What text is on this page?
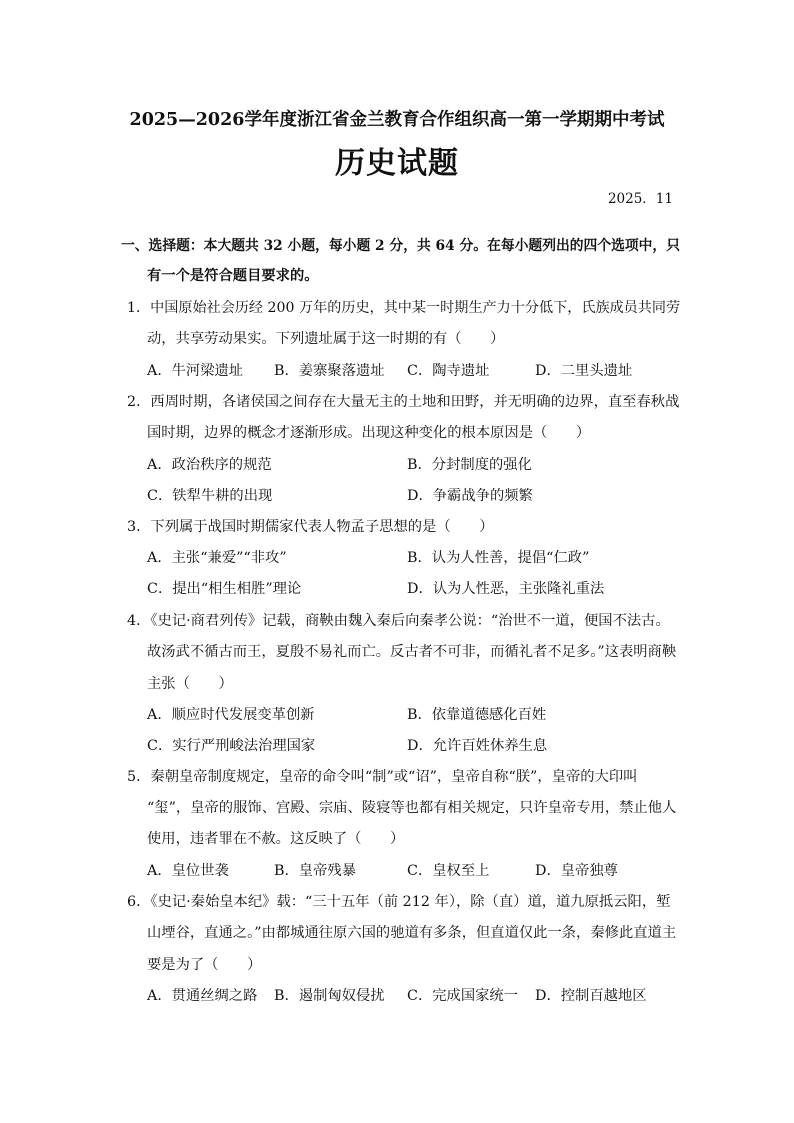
2025—2026学年度浙江省金兰教育合作组织高一第一学期期中考试
历史试题
2025．11
一、选择题：本大题共 32 小题，每小题 2 分，共 64 分。在每小题列出的四个选项中，只
有一个是符合题目要求的。
1．中国原始社会历经 200 万年的历史，其中某一时期生产力十分低下，氏族成员共同劳
动，共享劳动果实。下列遗址属于这一时期的有（　　）
A．牛河梁遗址 B．姜寨聚落遗址 C．陶寺遗址	D．二里头遗址
2．西周时期，各诸侯国之间存在大量无主的土地和田野，并无明确的边界，直至春秋战
国时期，边界的概念才逐渐形成。出现这种变化的根本原因是（　　）
A．政治秩序的规范	B．分封制度的强化
C．铁犁牛耕的出现	D．争霸战争的频繁
3．下列属于战国时期儒家代表人物孟子思想的是（　　）
A．主张“兼爱”“非攻”	B．认为人性善，提倡“仁政”
C．提出“相生相胜”理论	D．认为人性恶，主张隆礼重法
4．《史记·商君列传》记载，商鞅由魏入秦后向秦孝公说：“治世不一道，便国不法古。
故汤武不循古而王，夏殷不易礼而亡。反古者不可非，而循礼者不足多。”这表明商鞅
主张（　　）
A．顺应时代发展变革创新	B．依靠道德感化百姓
C．实行严刑峻法治理国家	D．允许百姓休养生息
5．秦朝皇帝制度规定，皇帝的命令叫“制”或“诏”，皇帝自称“朕”，皇帝的大印叫
“玺”，皇帝的服饰、宫殿、宗庙、陵寝等也都有相关规定，只许皇帝专用，禁止他人
使用，违者罪在不赦。这反映了（　　）
A．皇位世袭	B．皇帝残暴	C．皇权至上	D．皇帝独尊
6．《史记·秦始皇本纪》载：“三十五年（前 212 年），除（直）道，道九原抵云阳，堑
山堙谷，直通之。”由都城通往原六国的驰道有多条，但直道仅此一条，秦修此直道主
要是为了（　　）
A．贯通丝绸之路 B．遏制匈奴侵扰 C．完成国家统一 D．控制百越地区
